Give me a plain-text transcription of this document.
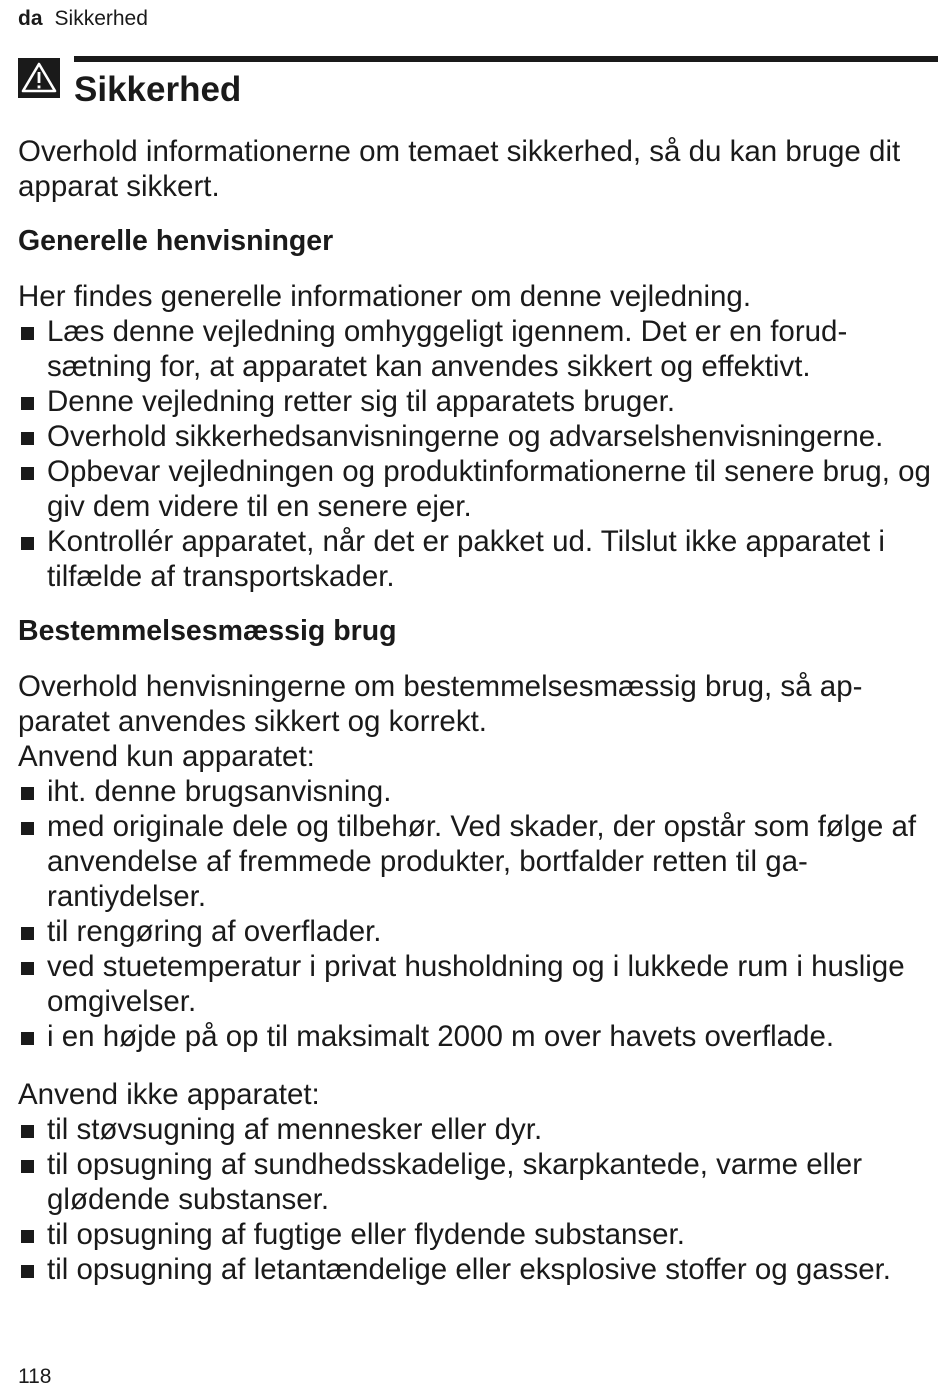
da Sikkerhed
Sikkerhed

Overhold informationerne om temaet sikkerhed, så du kan bruge dit apparat sikkert.

Generelle henvisninger

Her findes generelle informationer om denne vejledning.

Læs denne vejledning omhyggeligt igennem. Det er en forudsætning for, at apparatet kan anvendes sikkert og effektivt.
Denne vejledning retter sig til apparatets bruger.
Overhold sikkerhedsanvisningerne og advarselshenvisningerne.
Opbevar vejledningen og produktinformationerne til senere brug, og giv dem videre til en senere ejer.
Kontrollér apparatet, når det er pakket ud. Tilslut ikke apparatet i tilfælde af transportskader.
Bestemmelsesmæssig brug

Overhold henvisningerne om bestemmelsesmæssig brug, så apparatet anvendes sikkert og korrekt.

Anvend kun apparatet:

iht. denne brugsanvisning.
med originale dele og tilbehør. Ved skader, der opstår som følge af anvendelse af fremmede produkter, bortfalder retten til garantiydelser.
til rengøring af overflader.
ved stuetemperatur i privat husholdning og i lukkede rum i huslige omgivelser.
i en højde på op til maksimalt 2000 m over havets overflade.

Anvend ikke apparatet:

til støvsugning af mennesker eller dyr.
til opsugning af sundhedsskadelige, skarpkantede, varme eller glødende substanser.
til opsugning af fugtige eller flydende substanser.
til opsugning af letantændelige eller eksplosive stoffer og gasser.
118
